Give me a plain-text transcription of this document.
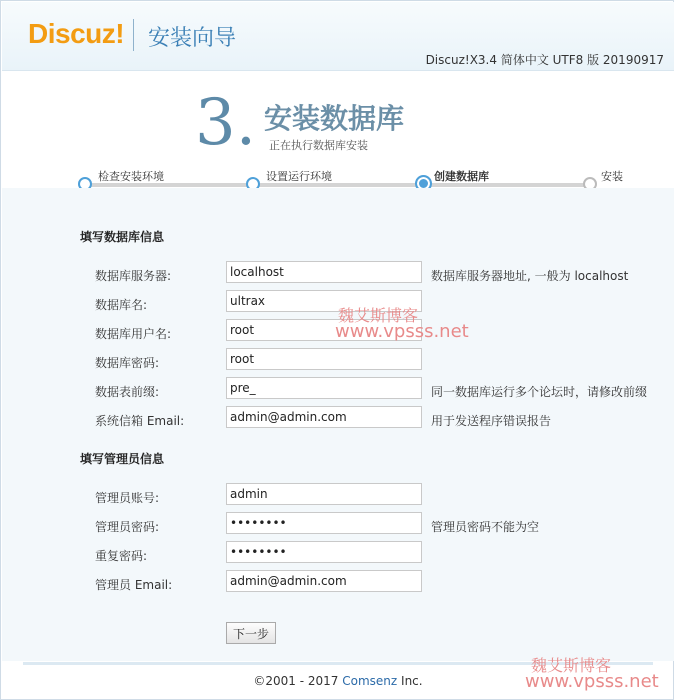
Discuz! 安装向导
Discuz!X3.4 简体中文 UTF8 版 20190917
3. 安装数据库
正在执行数据库安装
检查安装环境	设置运行环境	创建数据库	安装
填写数据库信息
数据库服务器:
localhost	数据库服务器地址, 一般为 localhost
数据库名:
ultrax
数据库用户名:
root
数据库密码:
root
数据表前缀:
pre_	同一数据库运行多个论坛时，请修改前缀
系统信箱 Email:
admin@admin.com	用于发送程序错误报告
填写管理员信息
管理员账号:
admin
管理员密码:
••••••••	管理员密码不能为空
重复密码:
••••••••
管理员 Email:
admin@admin.com
下一步
©2001 - 2017 Comsenz Inc.
魏艾斯博客
www.vpsss.net
魏艾斯博客
www.vpsss.net
